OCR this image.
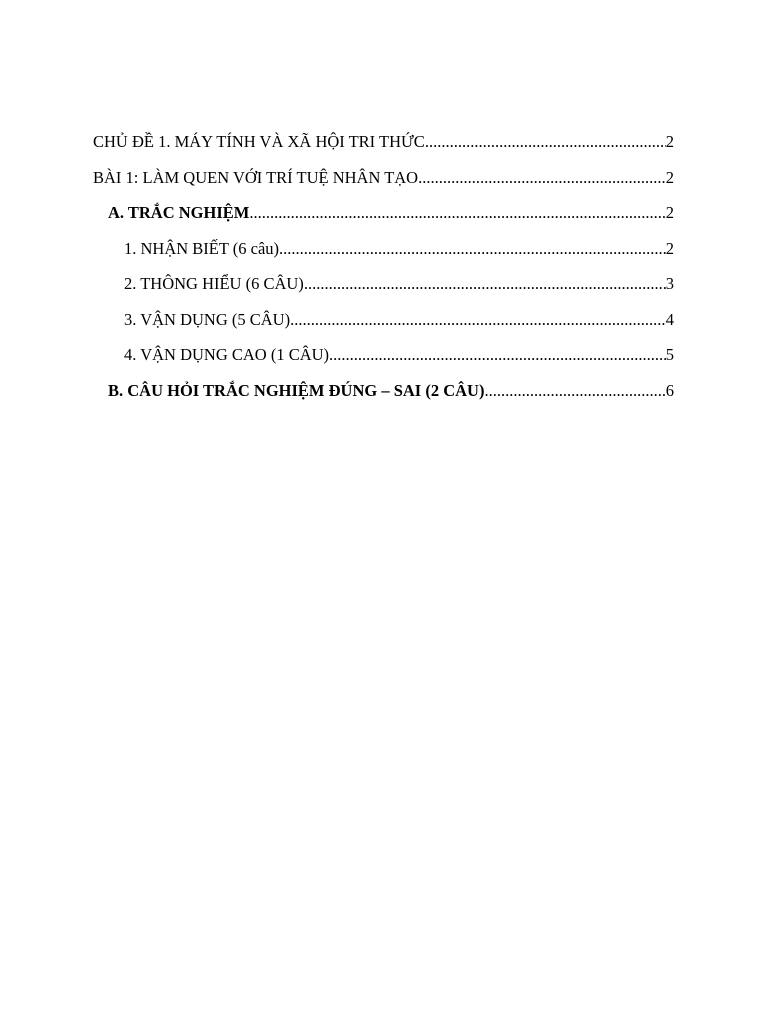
CHỦ ĐỀ 1. MÁY TÍNH VÀ XÃ HỘI TRI THỨC .....	2
BÀI 1: LÀM QUEN VỚI TRÍ TUỆ NHÂN TẠO .....	2
A. TRẮC NGHIỆM .....	2
1. NHẬN BIẾT (6 câu) .....	2
2. THÔNG HIỂU (6 CÂU) .....	3
3. VẬN DỤNG (5 CÂU) .....	4
4. VẬN DỤNG CAO (1 CÂU) .....	5
B. CÂU HỎI TRẮC NGHIỆM ĐÚNG – SAI (2 CÂU) .....	6
